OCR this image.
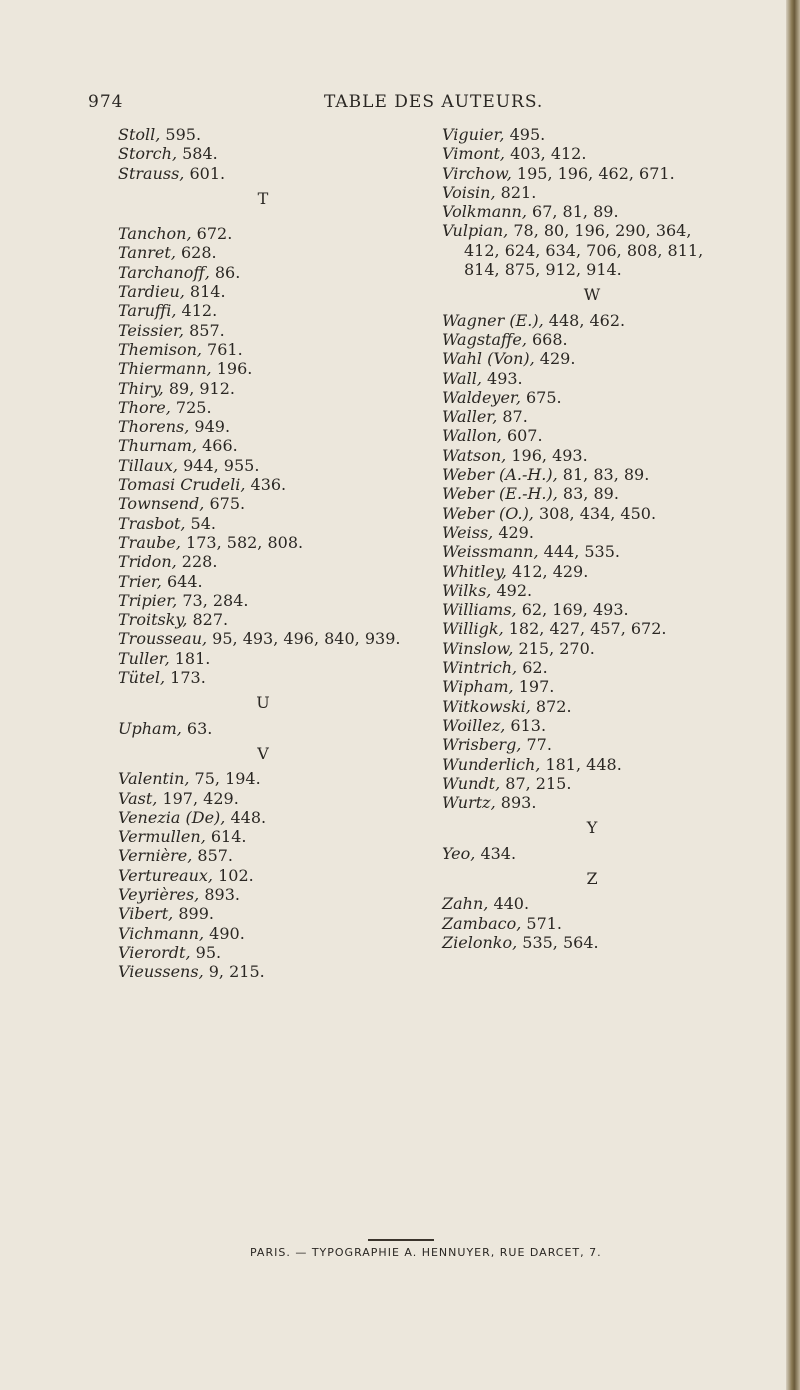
974	TABLE DES AUTEURS.
Stoll, 595.
Storch, 584.
Strauss, 601.
T
Tanchon, 672.
Tanret, 628.
Tarchanoff, 86.
Tardieu, 814.
Taruffi, 412.
Teissier, 857.
Themison, 761.
Thiermann, 196.
Thiry, 89, 912.
Thore, 725.
Thorens, 949.
Thurnam, 466.
Tillaux, 944, 955.
Tomasi Crudeli, 436.
Townsend, 675.
Trasbot, 54.
Traube, 173, 582, 808.
Tridon, 228.
Trier, 644.
Tripier, 73, 284.
Troitsky, 827.
Trousseau, 95, 493, 496, 840, 939.
Tuller, 181.
Tütel, 173.
U
Upham, 63.
V
Valentin, 75, 194.
Vast, 197, 429.
Venezia (De), 448.
Vermullen, 614.
Vernière, 857.
Vertureaux, 102.
Veyrières, 893.
Vibert, 899.
Vichmann, 490.
Vierordt, 95.
Vieussens, 9, 215.
Viguier, 495.
Vimont, 403, 412.
Virchow, 195, 196, 462, 671.
Voisin, 821.
Volkmann, 67, 81, 89.
Vulpian, 78, 80, 196, 290, 364,
412, 624, 634, 706, 808, 811,
814, 875, 912, 914.
W
Wagner (E.), 448, 462.
Wagstaffe, 668.
Wahl (Von), 429.
Wall, 493.
Waldeyer, 675.
Waller, 87.
Wallon, 607.
Watson, 196, 493.
Weber (A.-H.), 81, 83, 89.
Weber (E.-H.), 83, 89.
Weber (O.), 308, 434, 450.
Weiss, 429.
Weissmann, 444, 535.
Whitley, 412, 429.
Wilks, 492.
Williams, 62, 169, 493.
Willigk, 182, 427, 457, 672.
Winslow, 215, 270.
Wintrich, 62.
Wipham, 197.
Witkowski, 872.
Woillez, 613.
Wrisberg, 77.
Wunderlich, 181, 448.
Wundt, 87, 215.
Wurtz, 893.
Y
Yeo, 434.
Z
Zahn, 440.
Zambaco, 571.
Zielonko, 535, 564.
PARIS. — TYPOGRAPHIE A. HENNUYER, RUE DARCET, 7.
